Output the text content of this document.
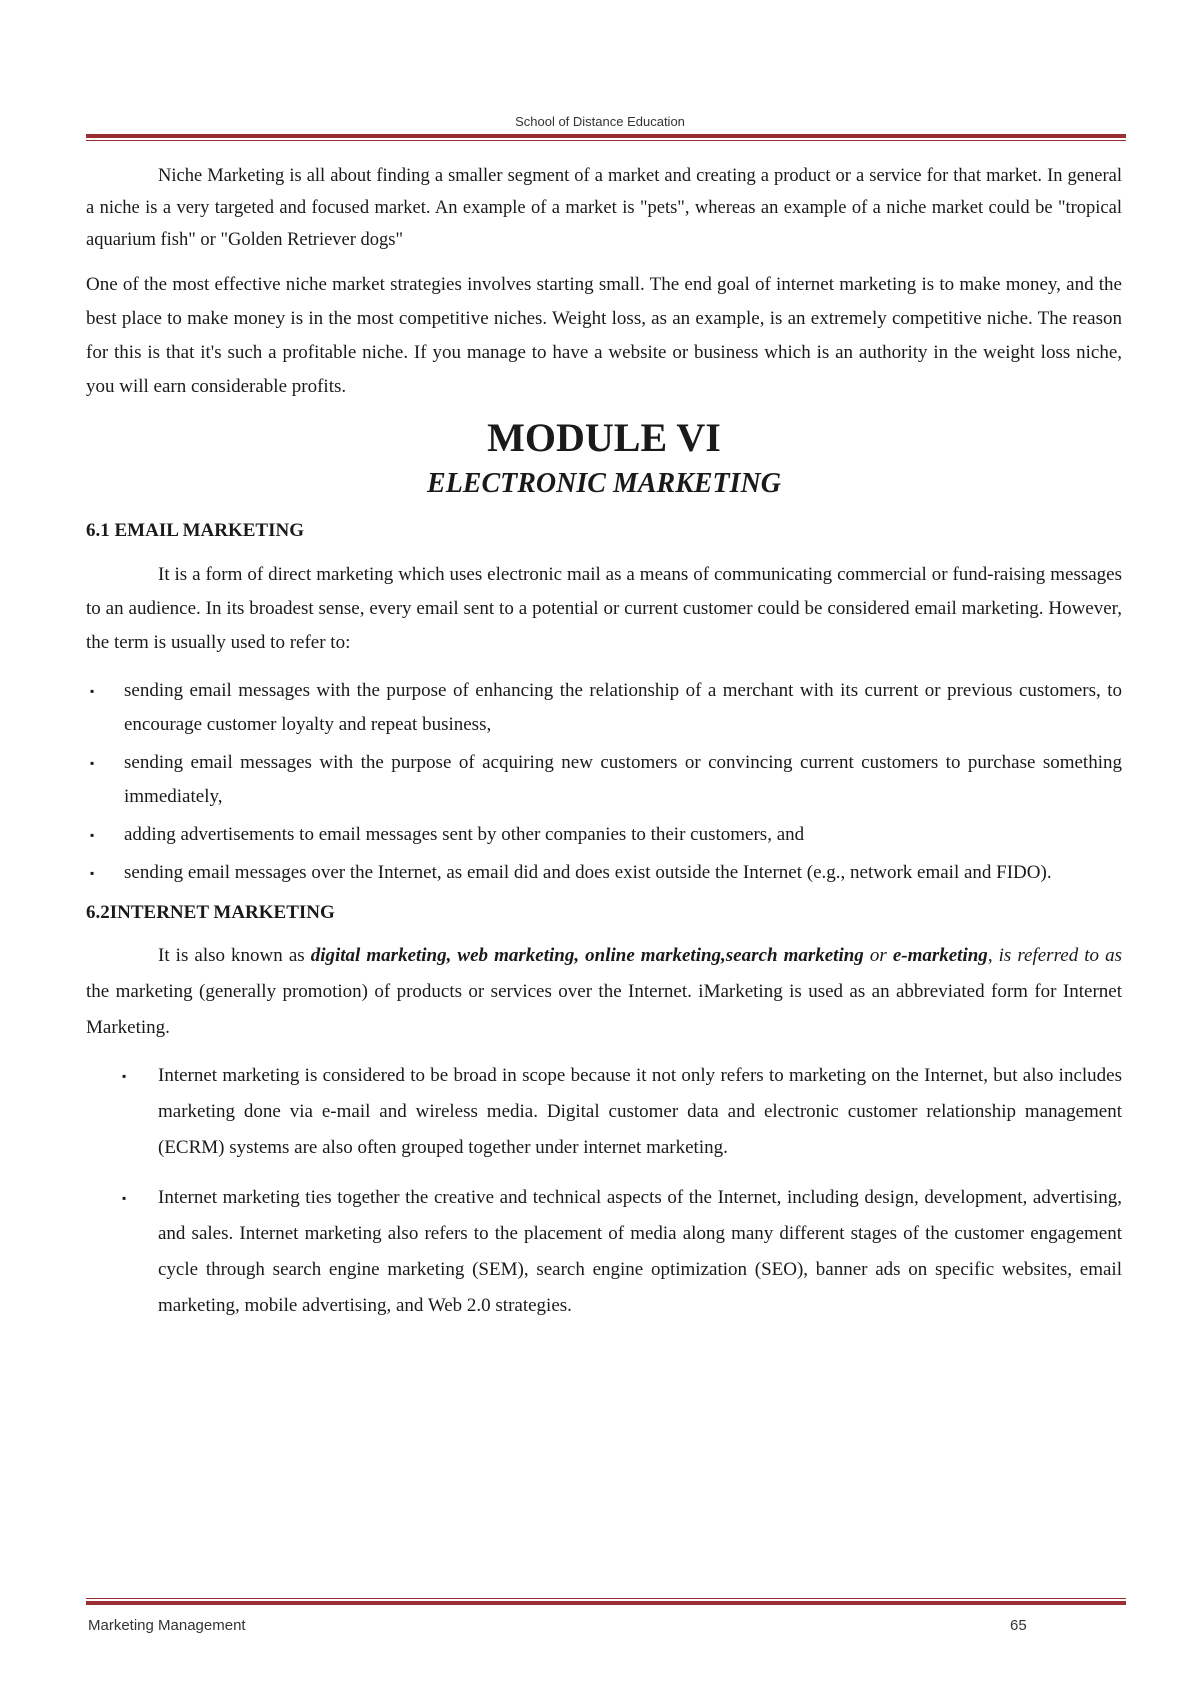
School of Distance Education

Niche Marketing is all about finding a smaller segment of a market and creating a product or a service for that market. In general a niche is a very targeted and focused market. An example of a market is "pets", whereas an example of a niche market could be "tropical aquarium fish" or "Golden Retriever dogs"

One of the most effective niche market strategies involves starting small. The end goal of internet marketing is to make money, and the best place to make money is in the most competitive niches. Weight loss, as an example, is an extremely competitive niche. The reason for this is that it's such a profitable niche. If you manage to have a website or business which is an authority in the weight loss niche, you will earn considerable profits.

MODULE VI
ELECTRONIC MARKETING
6.1 EMAIL MARKETING

It is a form of direct marketing which uses electronic mail as a means of communicating commercial or fund-raising messages to an audience. In its broadest sense, every email sent to a potential or current customer could be considered email marketing. However, the term is usually used to refer to:

▪ sending email messages with the purpose of enhancing the relationship of a merchant with its current or previous customers, to encourage customer loyalty and repeat business,
▪ sending email messages with the purpose of acquiring new customers or convincing current customers to purchase something immediately,
▪ adding advertisements to email messages sent by other companies to their customers, and
▪ sending email messages over the Internet, as email did and does exist outside the Internet (e.g., network email and FIDO).
6.2INTERNET MARKETING

It is also known as digital marketing, web marketing, online marketing,search marketing or e-marketing, is referred to as the marketing (generally promotion) of products or services over the Internet. iMarketing is used as an abbreviated form for Internet Marketing.

▪ Internet marketing is considered to be broad in scope because it not only refers to marketing on the Internet, but also includes marketing done via e-mail and wireless media. Digital customer data and electronic customer relationship management (ECRM) systems are also often grouped together under internet marketing.
▪ Internet marketing ties together the creative and technical aspects of the Internet, including design, development, advertising, and sales. Internet marketing also refers to the placement of media along many different stages of the customer engagement cycle through search engine marketing (SEM), search engine optimization (SEO), banner ads on specific websites, email marketing, mobile advertising, and Web 2.0 strategies.
Marketing Management	65
